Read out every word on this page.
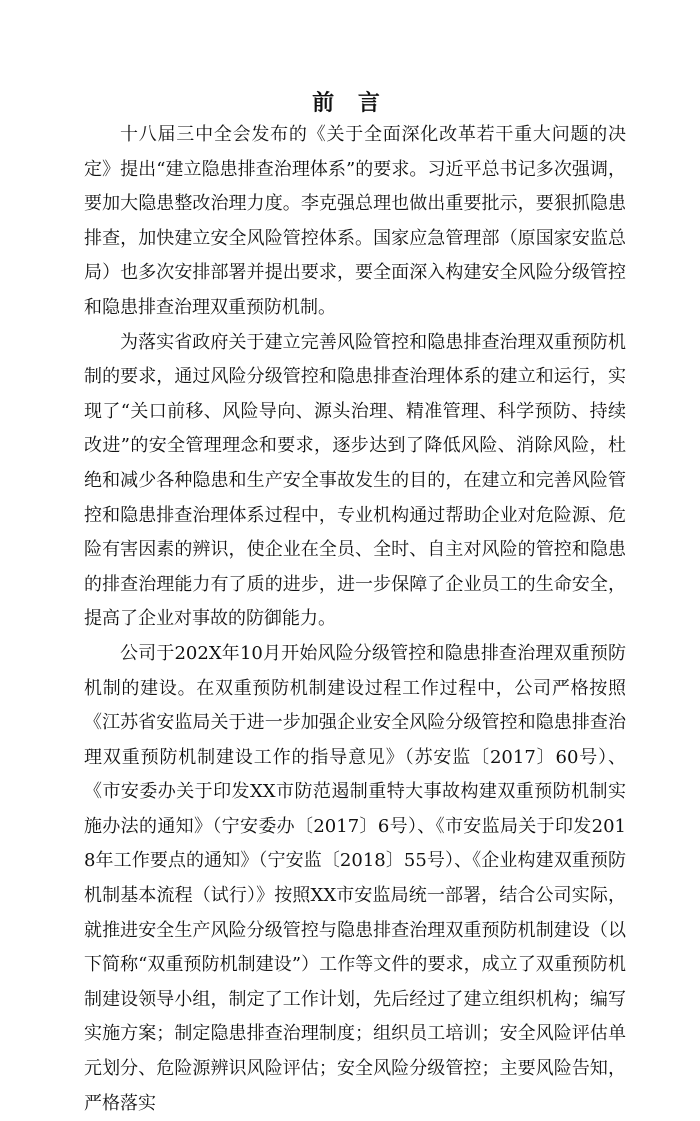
前 言

十八届三中全会发布的《关于全面深化改革若干重大问题的决定》提出“建立隐患排查治理体系”的要求。习近平总书记多次强调，要加大隐患整改治理力度。李克强总理也做出重要批示，要狠抓隐患排查，加快建立安全风险管控体系。国家应急管理部（原国家安监总局）也多次安排部署并提出要求，要全面深入构建安全风险分级管控和隐患排查治理双重预防机制。

为落实省政府关于建立完善风险管控和隐患排查治理双重预防机制的要求，通过风险分级管控和隐患排查治理体系的建立和运行，实现了“关口前移、风险导向、源头治理、精准管理、科学预防、持续改进”的安全管理理念和要求，逐步达到了降低风险、消除风险，杜绝和减少各种隐患和生产安全事故发生的目的，在建立和完善风险管控和隐患排查治理体系过程中，专业机构通过帮助企业对危险源、危险有害因素的辨识，使企业在全员、全时、自主对风险的管控和隐患的排查治理能力有了质的进步，进一步保障了企业员工的生命安全，提高了企业对事故的防御能力。

公司于202X年10月开始风险分级管控和隐患排查治理双重预防机制的建设。在双重预防机制建设过程工作过程中，公司严格按照《江苏省安监局关于进一步加强企业安全风险分级管控和隐患排查治理双重预防机制建设工作的指导意见》（苏安监〔2017〕60号）、《市安委办关于印发XX市防范遏制重特大事故构建双重预防机制实施办法的通知》（宁安委办〔2017〕6号）、《市安监局关于印发2018年工作要点的通知》（宁安监〔2018〕55号）、《企业构建双重预防机制基本流程（试行）》按照XX市安监局统一部署，结合公司实际，就推进安全生产风险分级管控与隐患排查治理双重预防机制建设（以下简称“双重预防机制建设”）工作等文件的要求，成立了双重预防机制建设领导小组，制定了工作计划，先后经过了建立组织机构；编写实施方案；制定隐患排查治理制度；组织员工培训；安全风险评估单元划分、危险源辨识风险评估；安全风险分级管控；主要风险告知，严格落实
